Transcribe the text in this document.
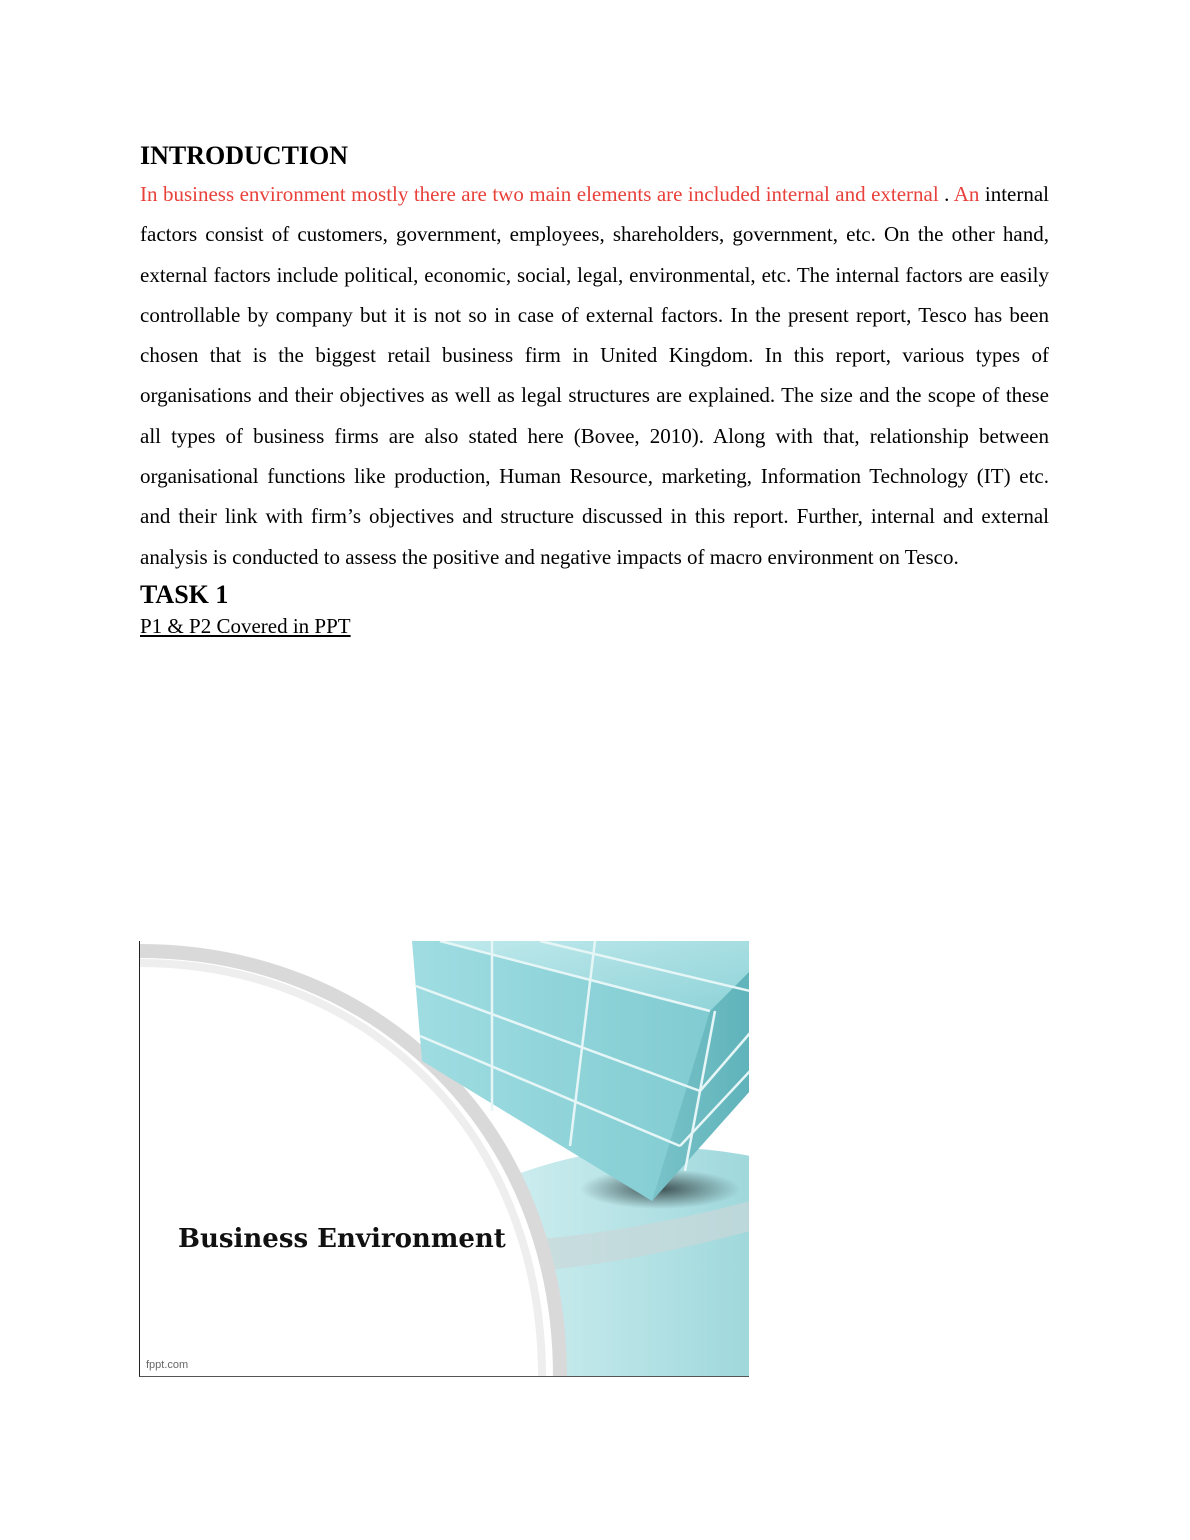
INTRODUCTION

In business environment mostly there are two main elements are included internal and external . An internal factors consist of customers, government, employees, shareholders, government, etc. On the other hand, external factors include political, economic, social, legal, environmental, etc. The internal factors are easily controllable by company but it is not so in case of external factors. In the present report, Tesco has been chosen that is the biggest retail business firm in United Kingdom. In this report, various types of organisations and their objectives as well as legal structures are explained. The size and the scope of these all types of business firms are also stated here (Bovee, 2010). Along with that, relationship between organisational functions like production, Human Resource, marketing, Information Technology (IT) etc. and their link with firm’s objectives and structure discussed in this report. Further, internal and external analysis is conducted to assess the positive and negative impacts of macro environment on Tesco.

TASK 1

P1 & P2 Covered in PPT

Business Environment
fppt.com
